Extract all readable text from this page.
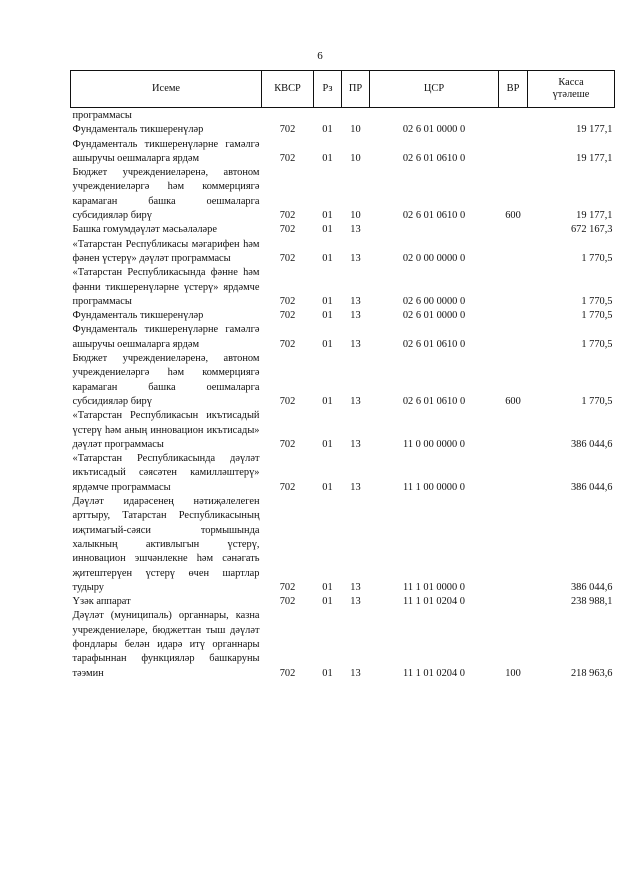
6
Исеме	КВСР	Рз	ПР	ЦСР	ВР	Касса
үтәлеше
программасы						
Фундаменталь тикшеренүләр	702	01	10	02 6 01 0000 0		19 177,1
Фундаменталь тикшеренүләрне гамәлгә ашыручы оешмаларга ярдәм	702	01	10	02 6 01 0610 0		19 177,1
Бюджет учреждениеләренә, автоном учреждениеләргә һәм коммерциягә карамаган башка оешмаларга субсидияләр бирү	702	01	10	02 6 01 0610 0	600	19 177,1
Башка гомумдәүләт мәсьәләләре	702	01	13			672 167,3
«Татарстан Республикасы мәгарифен һәм фәнен үстерү» дәүләт программасы	702	01	13	02 0 00 0000 0		1 770,5
«Татарстан Республикасында фәнне һәм фәнни тикшеренүләрне үстерү» ярдәмче программасы	702	01	13	02 6 00 0000 0		1 770,5
Фундаменталь тикшеренүләр	702	01	13	02 6 01 0000 0		1 770,5
Фундаменталь тикшеренүләрне гамәлгә ашыручы оешмаларга ярдәм	702	01	13	02 6 01 0610 0		1 770,5
Бюджет учреждениеләренә, автоном учреждениеләргә һәм коммерциягә карамаган башка оешмаларга субсидияләр бирү	702	01	13	02 6 01 0610 0	600	1 770,5
«Татарстан Республикасын икътисадый үстерү һәм аның инновацион икътисады» дәүләт программасы	702	01	13	11 0 00 0000 0		386 044,6
«Татарстан Республикасында дәүләт икътисадый сәясәтен камилләштерү» ярдәмче программасы	702	01	13	11 1 00 0000 0		386 044,6
Дәүләт идарәсенең нәтиҗәлелеген арттыру, Татарстан Республикасының иҗтимагый-сәяси тормышында халыкның активлыгын үстерү, инновацион эшчәнлекне һәм сәнәгать җитештерүен үстерү өчен шартлар тудыру	702	01	13	11 1 01 0000 0		386 044,6
Үзәк аппарат	702	01	13	11 1 01 0204 0		238 988,1
Дәүләт (муниципаль) органнары, казна учреждениеләре, бюджеттан тыш дәүләт фондлары белән идарә итү органнары тарафыннан функцияләр башкаруны тәэмин	702	01	13	11 1 01 0204 0	100	218 963,6
